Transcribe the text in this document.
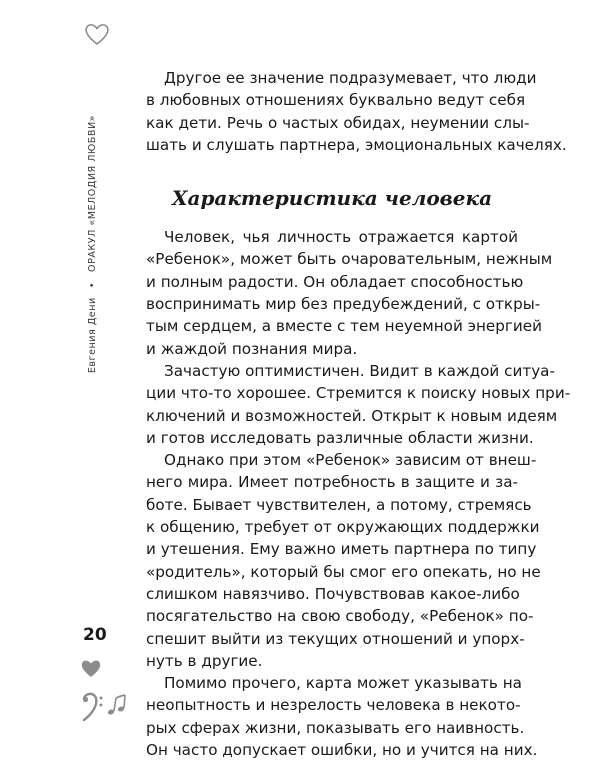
Евгения Дени • ОРАКУЛ «МЕЛОДИЯ ЛЮБВИ»
20

Другое ее значение подразумевает, что люди
в любовных отношениях буквально ведут себя
как дети. Речь о частых обидах, неумении слы-
шать и слушать партнера, эмоциональных качелях.

Характеристика человека

Человек, чья личность отражается картой
«Ребенок», может быть очаровательным, нежным
и полным радости. Он обладает способностью
воспринимать мир без предубеждений, с откры-
тым сердцем, а вместе с тем неуемной энергией
и жаждой познания мира.

Зачастую оптимистичен. Видит в каждой ситуа-
ции что-то хорошее. Стремится к поиску новых при-
ключений и возможностей. Открыт к новым идеям
и готов исследовать различные области жизни.

Однако при этом «Ребенок» зависим от внеш-
него мира. Имеет потребность в защите и за-
боте. Бывает чувствителен, а потому, стремясь
к общению, требует от окружающих поддержки
и утешения. Ему важно иметь партнера по типу
«родитель», который бы смог его опекать, но не
слишком навязчиво. Почувствовав какое-либо
посягательство на свою свободу, «Ребенок» по-
спешит выйти из текущих отношений и упорх-
нуть в другие.

Помимо прочего, карта может указывать на
неопытность и незрелость человека в некото-
рых сферах жизни, показывать его наивность.
Он часто допускает ошибки, но и учится на них.
